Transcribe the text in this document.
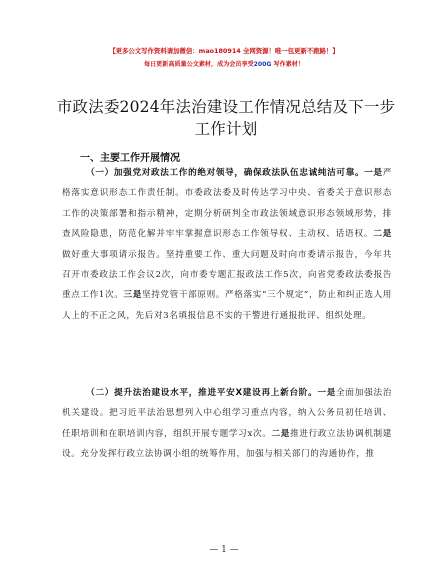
【更多公文写作资料请加微信：mao180914 全网资源！唯一包更新不跑路！】
每日更新高质量公文素材，成为会员享受200G 写作素材！
市政法委2024年法治建设工作情况总结及下一步工作计划
一、主要工作开展情况
（一）加强党对政法工作的绝对领导，确保政法队伍忠诚纯洁可靠。一是严格落实意识形态工作责任制。市委政法委及时传达学习中央、省委关于意识形态工作的决策部署和指示精神，定期分析研判全市政法领域意识形态领域形势，排查风险隐患，防范化解并牢牢掌握意识形态工作领导权、主动权、话语权。二是做好重大事项请示报告。坚持重要工作、重大问题及时向市委请示报告，今年共召开市委政法工作会议2次，向市委专题汇报政法工作5次，向省党委政法委报告重点工作1次。三是坚持党管干部原则。严格落实“三个规定”，防止和纠正选人用人上的不正之风，先后对3名填报信息不实的干警进行通报批评、组织处理。
（二）提升法治建设水平，推进平安X建设再上新台阶。一是全面加强法治机关建设。把习近平法治思想列入中心组学习重点内容，纳入公务员初任培训、任职培训和在职培训内容，组织开展专题学习x次。二是推进行政立法协调机制建设。充分发挥行政立法协调小组的统筹作用，加强与相关部门的沟通协作，推
— 1 —
